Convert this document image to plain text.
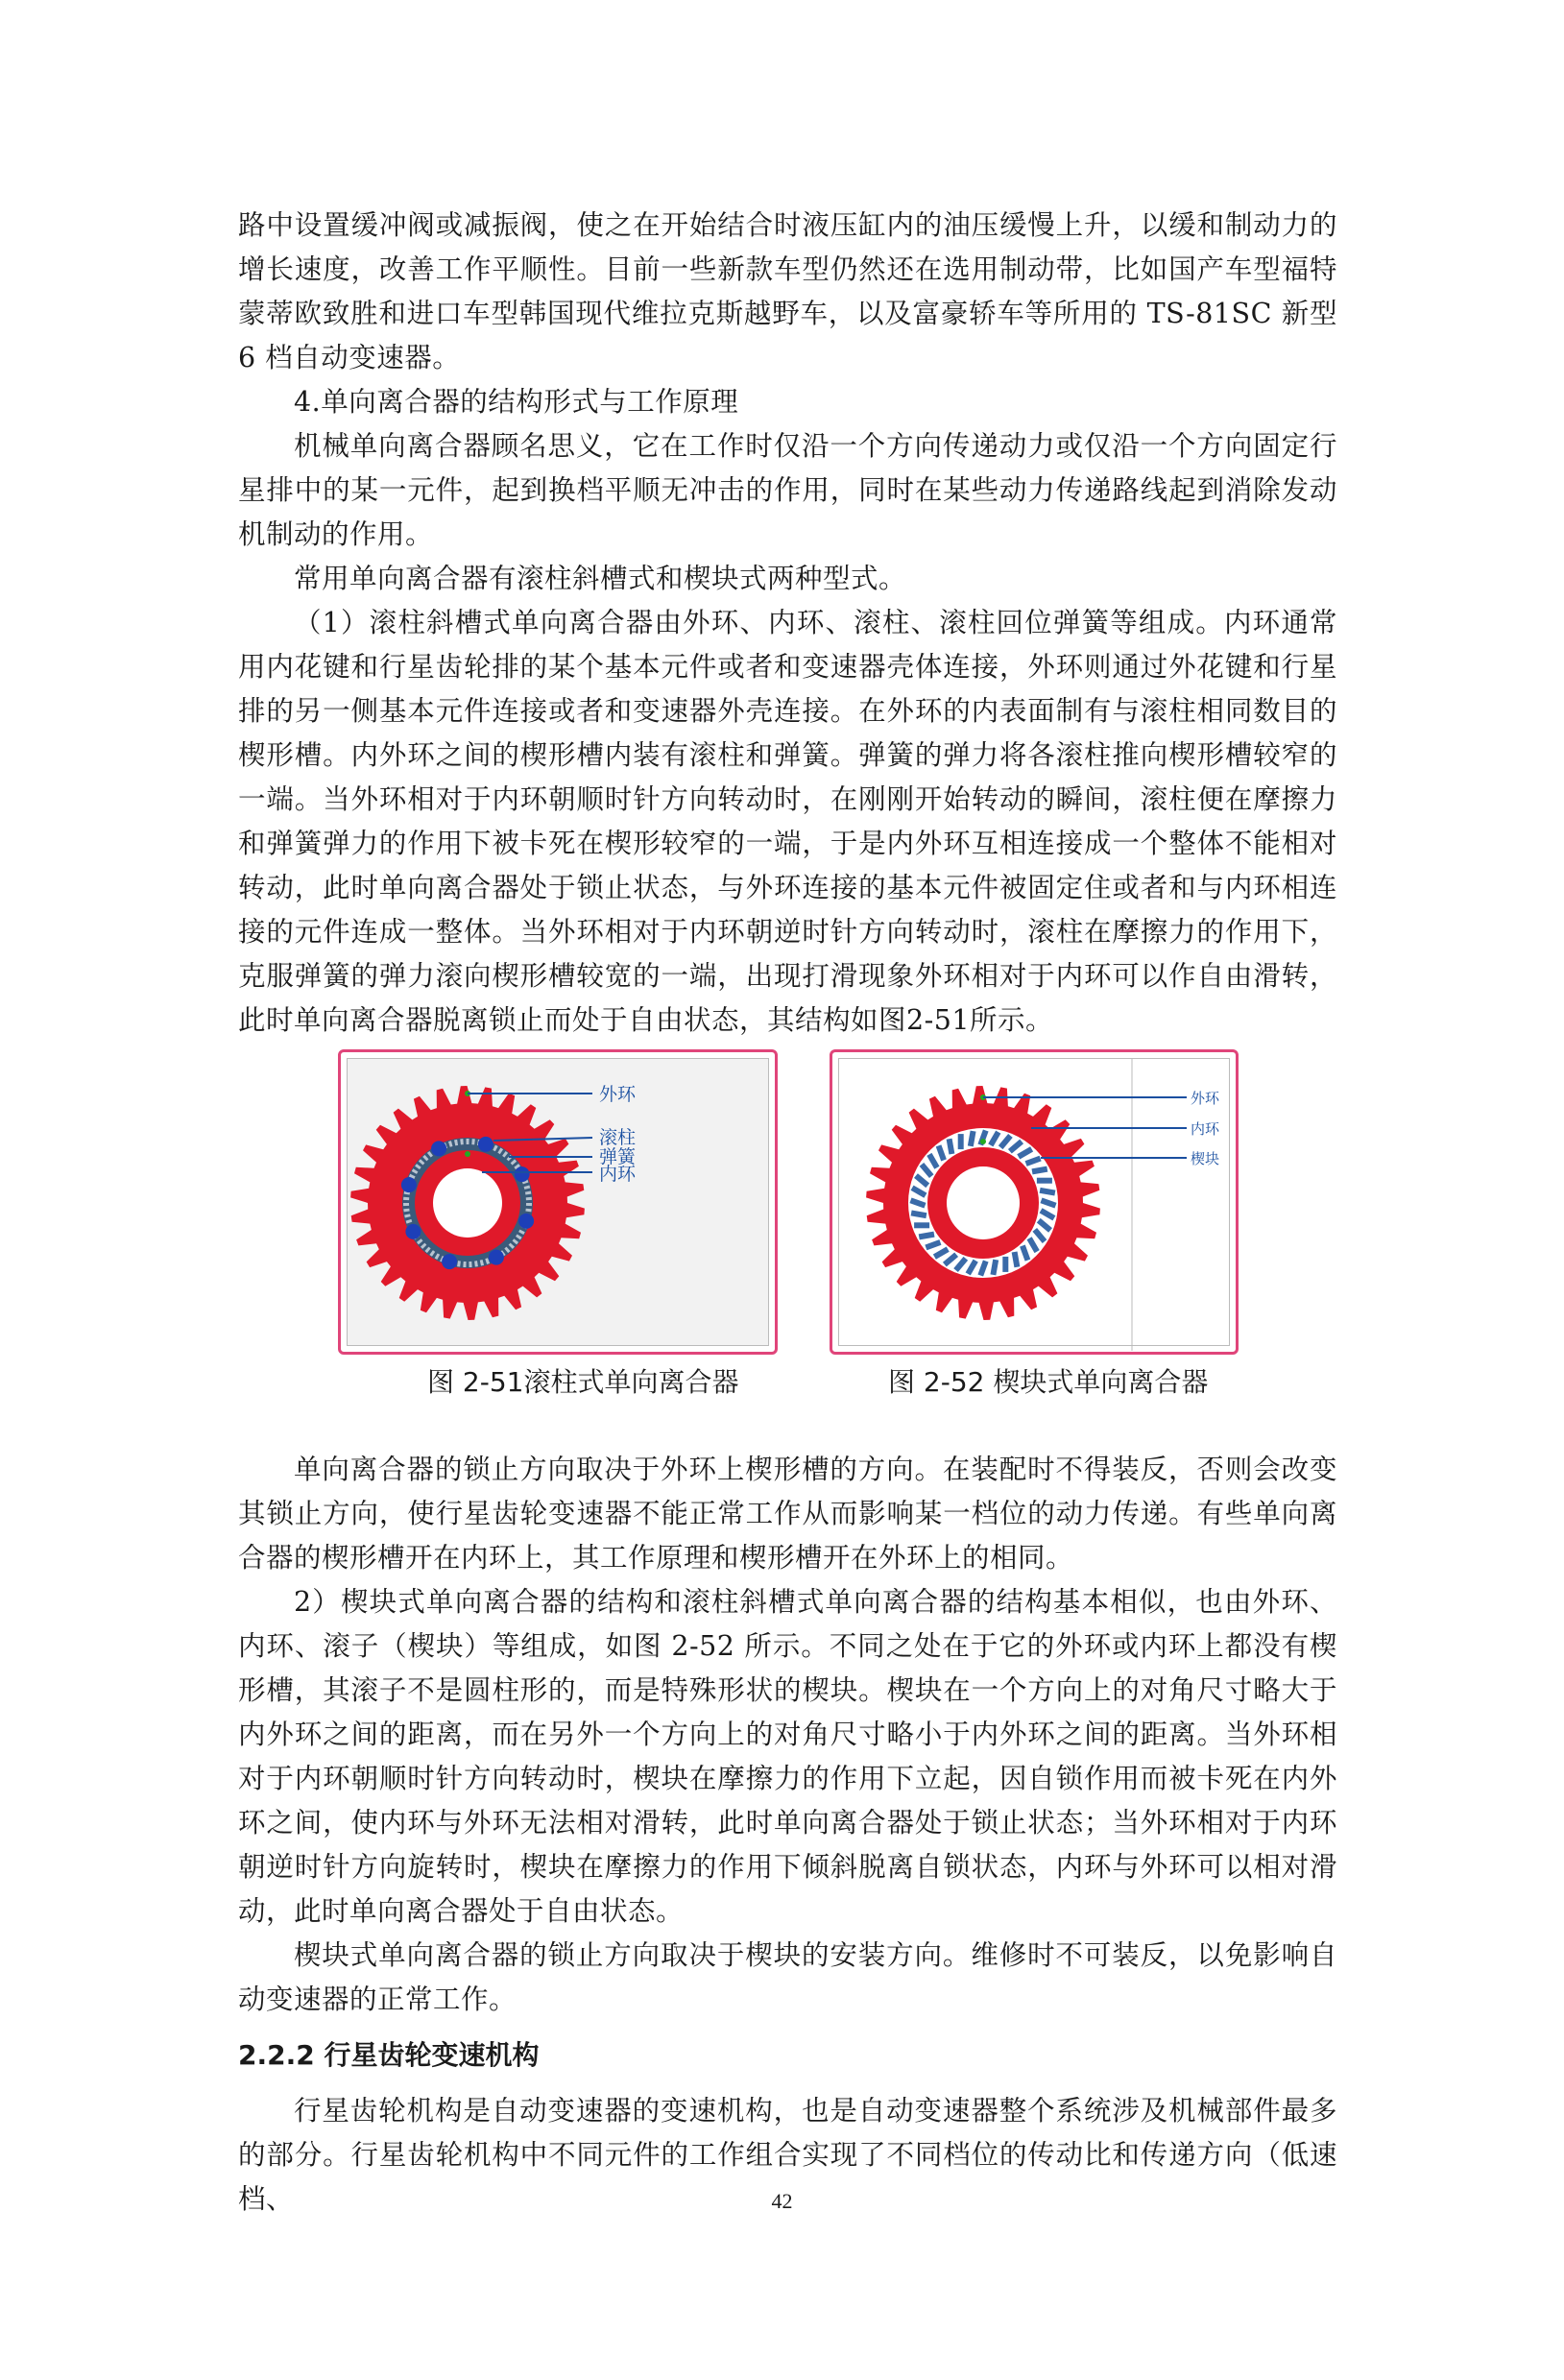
路中设置缓冲阀或减振阀，使之在开始结合时液压缸内的油压缓慢上升，以缓和制动力的增长速度，改善工作平顺性。目前一些新款车型仍然还在选用制动带，比如国产车型福特蒙蒂欧致胜和进口车型韩国现代维拉克斯越野车，以及富豪轿车等所用的 TS-81SC 新型 6 档自动变速器。

4.单向离合器的结构形式与工作原理

机械单向离合器顾名思义，它在工作时仅沿一个方向传递动力或仅沿一个方向固定行星排中的某一元件，起到换档平顺无冲击的作用，同时在某些动力传递路线起到消除发动机制动的作用。

常用单向离合器有滚柱斜槽式和楔块式两种型式。

（1）滚柱斜槽式单向离合器由外环、内环、滚柱、滚柱回位弹簧等组成。内环通常用内花键和行星齿轮排的某个基本元件或者和变速器壳体连接，外环则通过外花键和行星排的另一侧基本元件连接或者和变速器外壳连接。在外环的内表面制有与滚柱相同数目的楔形槽。内外环之间的楔形槽内装有滚柱和弹簧。弹簧的弹力将各滚柱推向楔形槽较窄的一端。当外环相对于内环朝顺时针方向转动时，在刚刚开始转动的瞬间，滚柱便在摩擦力和弹簧弹力的作用下被卡死在楔形较窄的一端，于是内外环互相连接成一个整体不能相对转动，此时单向离合器处于锁止状态，与外环连接的基本元件被固定住或者和与内环相连接的元件连成一整体。当外环相对于内环朝逆时针方向转动时，滚柱在摩擦力的作用下，克服弹簧的弹力滚向楔形槽较宽的一端，出现打滑现象外环相对于内环可以作自由滑转，此时单向离合器脱离锁止而处于自由状态，其结构如图2-51所示。

外环
滚柱
弹簧
内环
外环
内环
楔块
图 2-51滚柱式单向离合器	图 2-52 楔块式单向离合器

单向离合器的锁止方向取决于外环上楔形槽的方向。在装配时不得装反，否则会改变其锁止方向，使行星齿轮变速器不能正常工作从而影响某一档位的动力传递。有些单向离合器的楔形槽开在内环上，其工作原理和楔形槽开在外环上的相同。

2）楔块式单向离合器的结构和滚柱斜槽式单向离合器的结构基本相似，也由外环、内环、滚子（楔块）等组成，如图 2-52 所示。不同之处在于它的外环或内环上都没有楔形槽，其滚子不是圆柱形的，而是特殊形状的楔块。楔块在一个方向上的对角尺寸略大于内外环之间的距离，而在另外一个方向上的对角尺寸略小于内外环之间的距离。当外环相对于内环朝顺时针方向转动时，楔块在摩擦力的作用下立起，因自锁作用而被卡死在内外环之间，使内环与外环无法相对滑转，此时单向离合器处于锁止状态；当外环相对于内环朝逆时针方向旋转时，楔块在摩擦力的作用下倾斜脱离自锁状态，内环与外环可以相对滑动，此时单向离合器处于自由状态。

楔块式单向离合器的锁止方向取决于楔块的安装方向。维修时不可装反，以免影响自动变速器的正常工作。

2.2.2 行星齿轮变速机构

行星齿轮机构是自动变速器的变速机构，也是自动变速器整个系统涉及机械部件最多的部分。行星齿轮机构中不同元件的工作组合实现了不同档位的传动比和传递方向（低速档、	42
